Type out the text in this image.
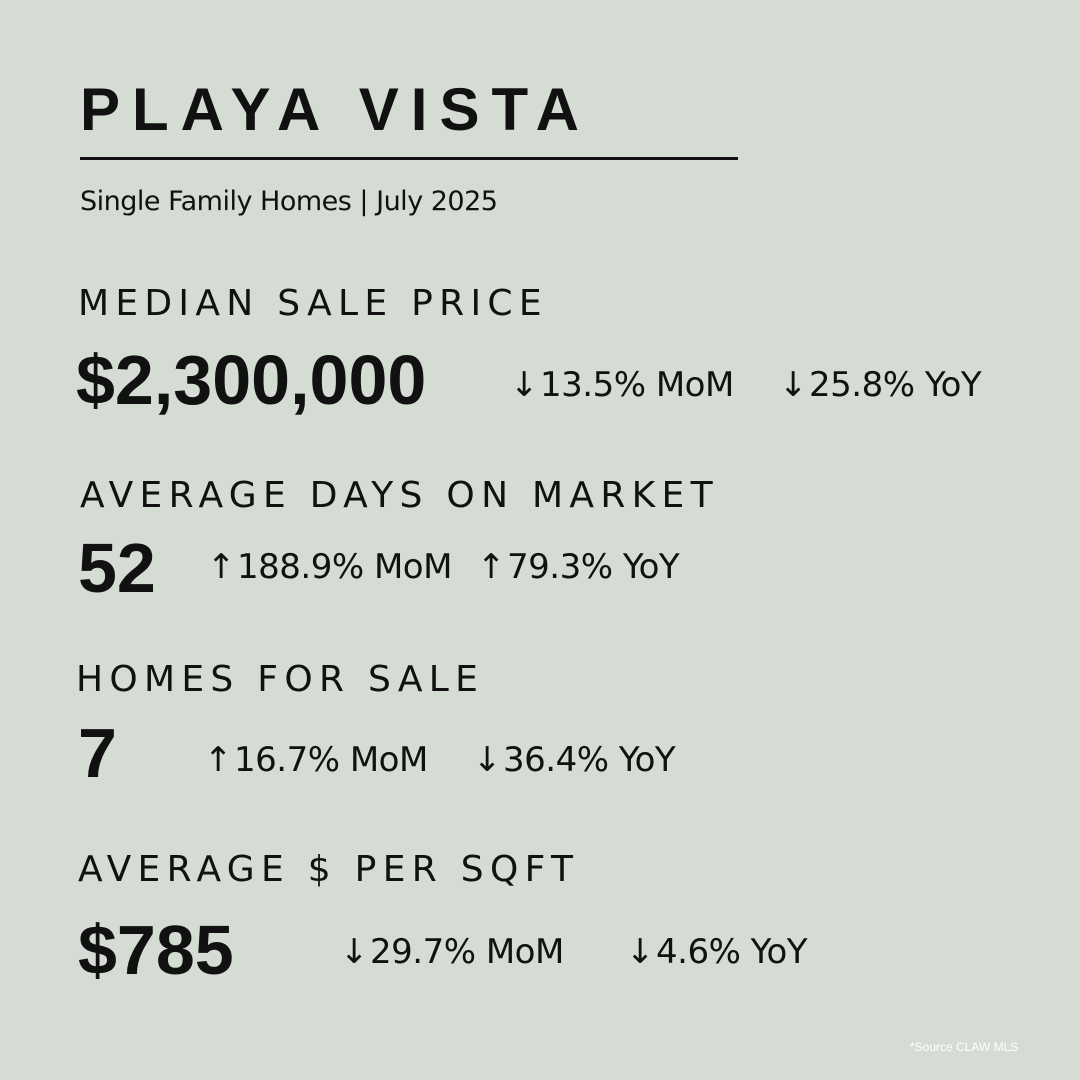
PLAYA VISTA
Single Family Homes | July 2025
MEDIAN SALE PRICE
$2,300,000 ↓13.5% MoM ↓25.8% YoY
AVERAGE DAYS ON MARKET
52 ↑188.9% MoM ↑79.3% YoY
HOMES FOR SALE
7	↑16.7% MoM ↓36.4% YoY
AVERAGE $ PER SQFT
$785	↓29.7% MoM ↓4.6% YoY
*Source CLAW MLS
